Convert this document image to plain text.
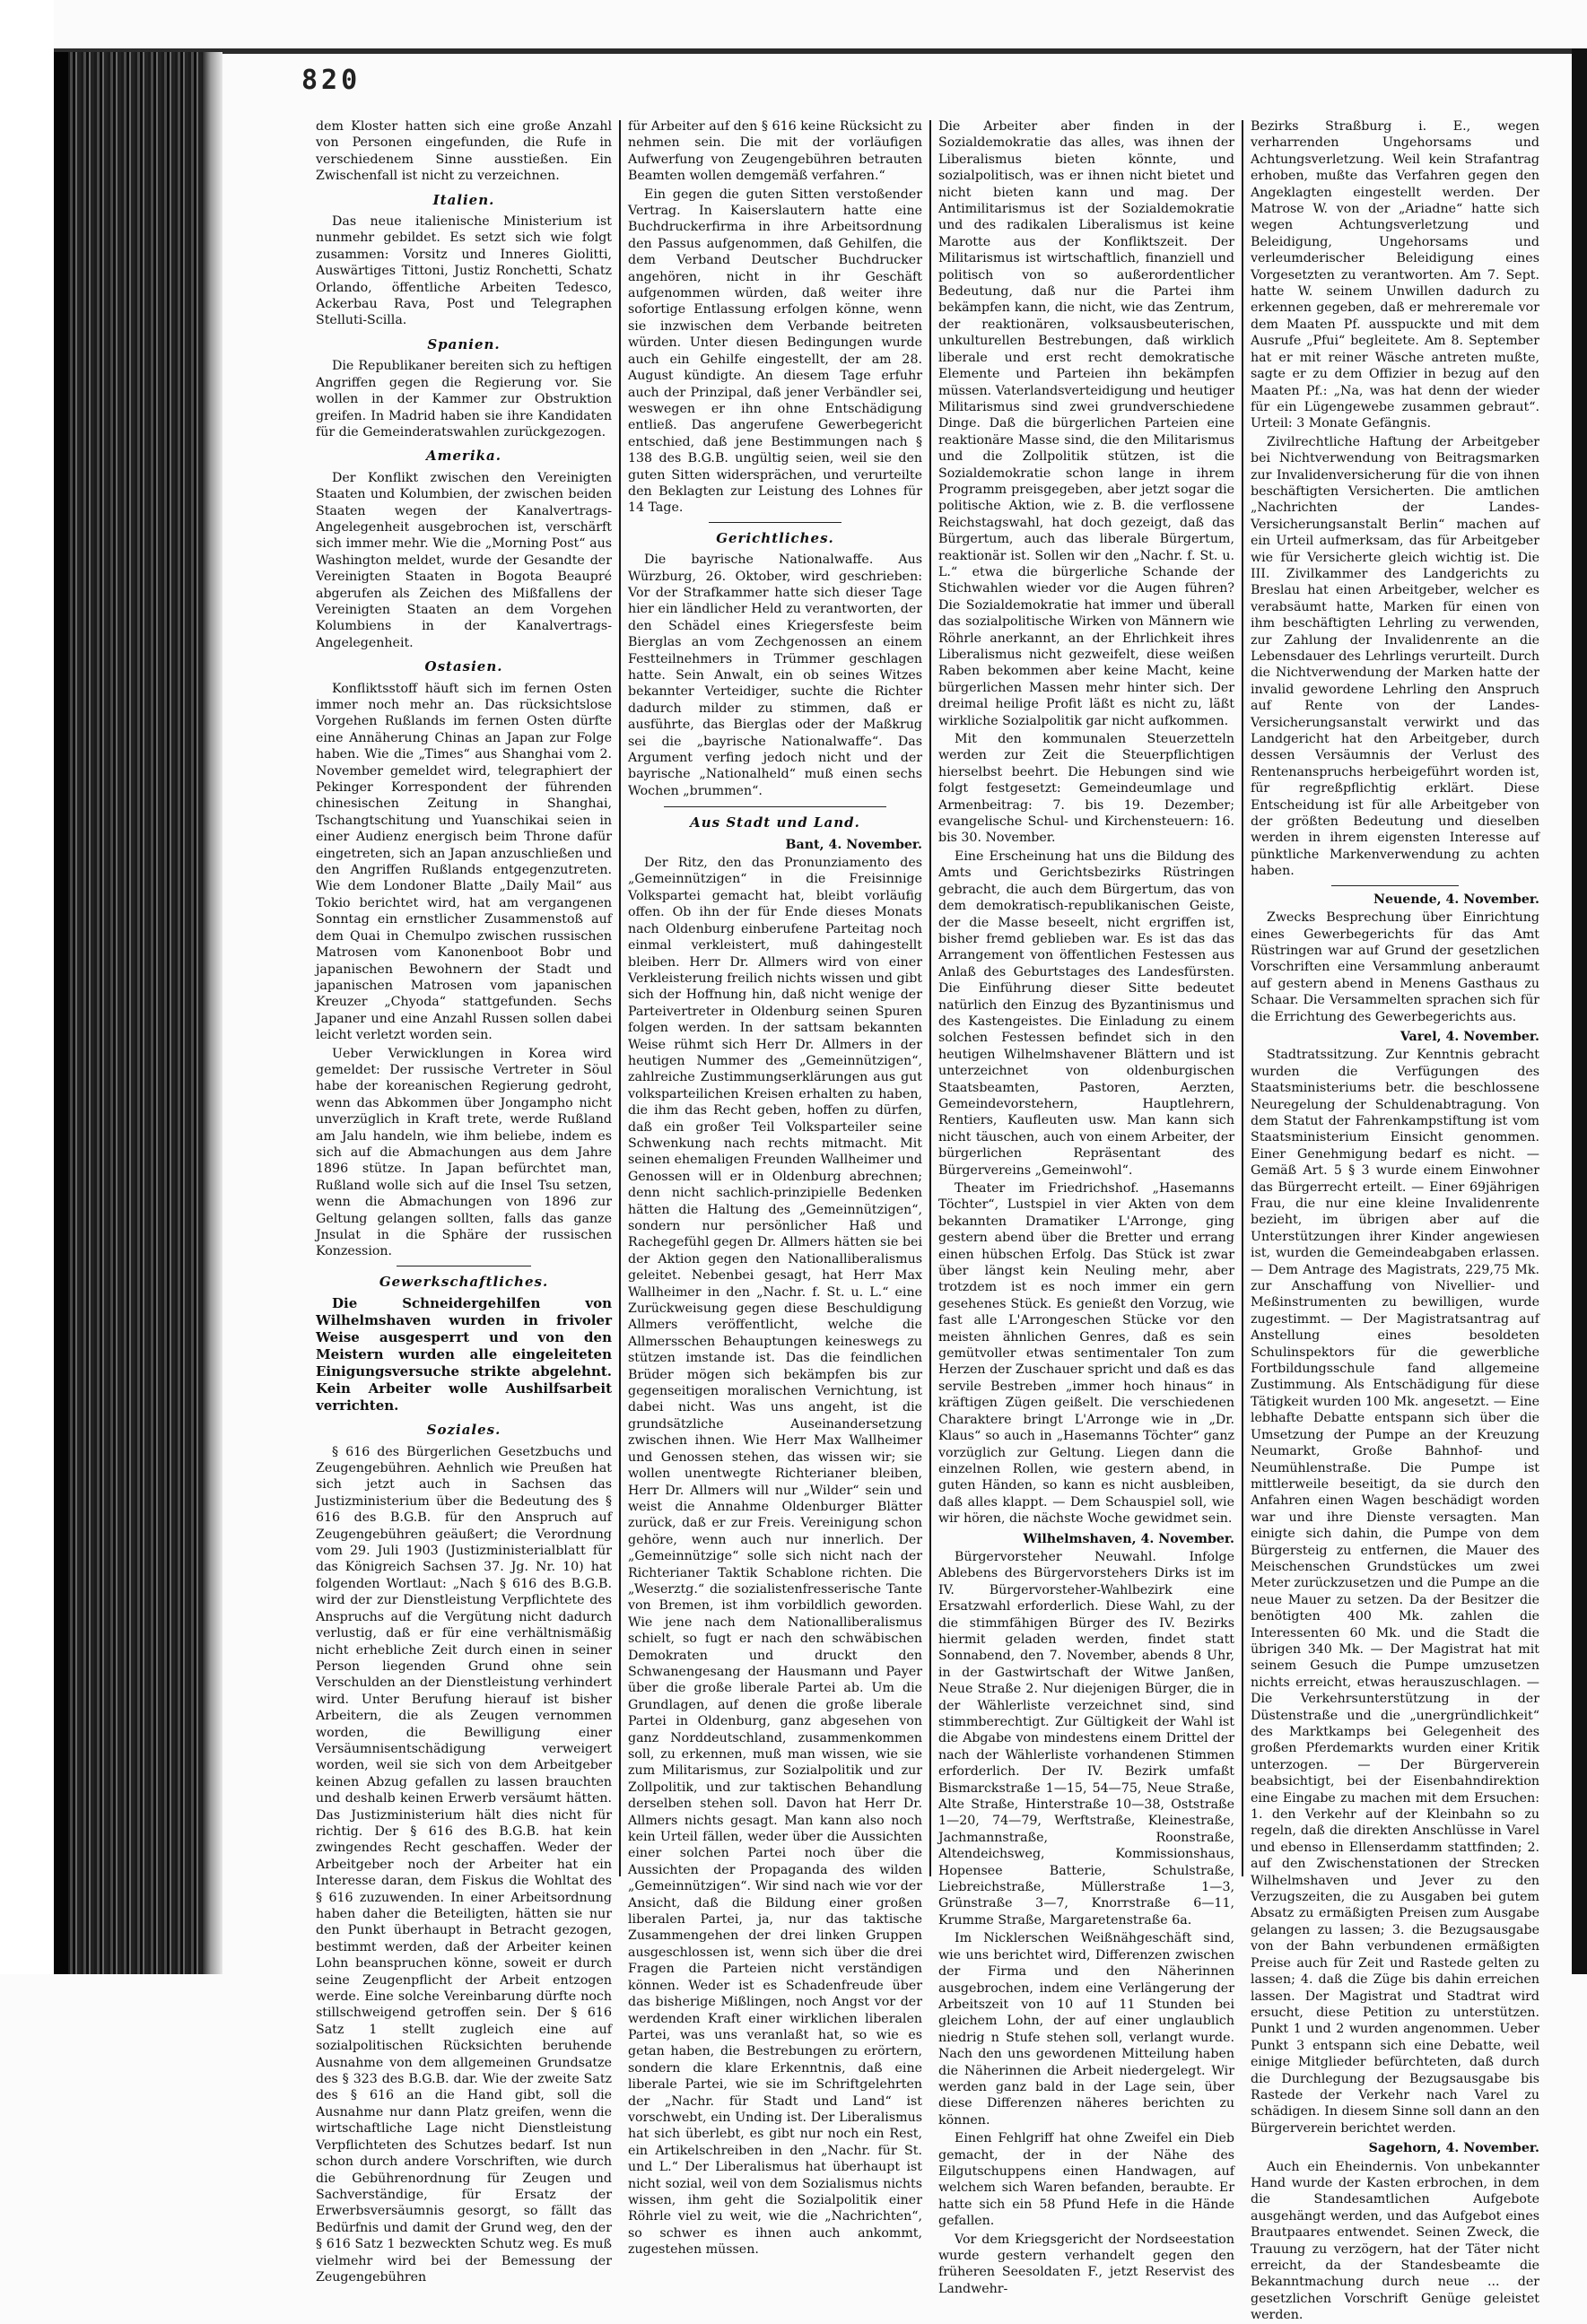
820

dem Kloster hatten sich eine große Anzahl von Personen eingefunden, die Rufe in verschiedenem Sinne ausstießen. Ein Zwischenfall ist nicht zu verzeichnen.

Italien.

Das neue italienische Ministerium ist nunmehr gebildet. Es setzt sich wie folgt zusammen: Vorsitz und Inneres Giolitti, Auswärtiges Tittoni, Justiz Ronchetti, Schatz Orlando, öffentliche Arbeiten Tedesco, Ackerbau Rava, Post und Telegraphen Stelluti-Scilla.

Spanien.

Die Republikaner bereiten sich zu heftigen Angriffen gegen die Regierung vor. Sie wollen in der Kammer zur Obstruktion greifen. In Madrid haben sie ihre Kandidaten für die Gemeinderatswahlen zurückgezogen.

Amerika.

Der Konflikt zwischen den Vereinigten Staaten und Kolumbien, der zwischen beiden Staaten wegen der Kanalvertrags-Angelegenheit ausgebrochen ist, verschärft sich immer mehr. Wie die „Morning Post“ aus Washington meldet, wurde der Gesandte der Vereinigten Staaten in Bogota Beaupré abgerufen als Zeichen des Mißfallens der Vereinigten Staaten an dem Vorgehen Kolumbiens in der Kanalvertrags-Angelegenheit.

Ostasien.

Konfliktsstoff häuft sich im fernen Osten immer noch mehr an. Das rücksichtslose Vorgehen Rußlands im fernen Osten dürfte eine Annäherung Chinas an Japan zur Folge haben. Wie die „Times“ aus Shanghai vom 2. November gemeldet wird, telegraphiert der Pekinger Korrespondent der führenden chinesischen Zeitung in Shanghai, Tschangtschitung und Yuanschikai seien in einer Audienz energisch beim Throne dafür eingetreten, sich an Japan anzuschließen und den Angriffen Rußlands entgegenzutreten. Wie dem Londoner Blatte „Daily Mail“ aus Tokio berichtet wird, hat am vergangenen Sonntag ein ernstlicher Zusammenstoß auf dem Quai in Chemulpo zwischen russischen Matrosen vom Kanonenboot Bobr und japanischen Bewohnern der Stadt und japanischen Matrosen vom japanischen Kreuzer „Chyoda“ stattgefunden. Sechs Japaner und eine Anzahl Russen sollen dabei leicht verletzt worden sein.

Ueber Verwicklungen in Korea wird gemeldet: Der russische Vertreter in Söul habe der koreanischen Regierung gedroht, wenn das Abkommen über Jongampho nicht unverzüglich in Kraft trete, werde Rußland am Jalu handeln, wie ihm beliebe, indem es sich auf die Abmachungen aus dem Jahre 1896 stütze. In Japan befürchtet man, Rußland wolle sich auf die Insel Tsu setzen, wenn die Abmachungen von 1896 zur Geltung gelangen sollten, falls das ganze Jnsulat in die Sphäre der russischen Konzession.

Gewerkschaftliches.

Die Schneidergehilfen von Wilhelmshaven wurden in frivoler Weise ausgesperrt und von den Meistern wurden alle eingeleiteten Einigungsversuche strikte abgelehnt. Kein Arbeiter wolle Aushilfsarbeit verrichten.

Soziales.

§ 616 des Bürgerlichen Gesetzbuchs und Zeugengebühren. Aehnlich wie Preußen hat sich jetzt auch in Sachsen das Justizministerium über die Bedeutung des § 616 des B.G.B. für den Anspruch auf Zeugengebühren geäußert; die Verordnung vom 29. Juli 1903 (Justizministerialblatt für das Königreich Sachsen 37. Jg. Nr. 10) hat folgenden Wortlaut: „Nach § 616 des B.G.B. wird der zur Dienstleistung Verpflichtete des Anspruchs auf die Vergütung nicht dadurch verlustig, daß er für eine verhältnismäßig nicht erhebliche Zeit durch einen in seiner Person liegenden Grund ohne sein Verschulden an der Dienstleistung verhindert wird. Unter Berufung hierauf ist bisher Arbeitern, die als Zeugen vernommen worden, die Bewilligung einer Versäumnisentschädigung verweigert worden, weil sie sich von dem Arbeitgeber keinen Abzug gefallen zu lassen brauchten und deshalb keinen Erwerb versäumt hätten. Das Justizministerium hält dies nicht für richtig. Der § 616 des B.G.B. hat kein zwingendes Recht geschaffen. Weder der Arbeitgeber noch der Arbeiter hat ein Interesse daran, dem Fiskus die Wohltat des § 616 zuzuwenden. In einer Arbeitsordnung haben daher die Beteiligten, hätten sie nur den Punkt überhaupt in Betracht gezogen, bestimmt werden, daß der Arbeiter keinen Lohn beanspruchen könne, soweit er durch seine Zeugenpflicht der Arbeit entzogen werde. Eine solche Vereinbarung dürfte noch stillschweigend getroffen sein. Der § 616 Satz 1 stellt zugleich eine auf sozialpolitischen Rücksichten beruhende Ausnahme von dem allgemeinen Grundsatze des § 323 des B.G.B. dar. Wie der zweite Satz des § 616 an die Hand gibt, soll die Ausnahme nur dann Platz greifen, wenn die wirtschaftliche Lage nicht Dienstleistung Verpflichteten des Schutzes bedarf. Ist nun schon durch andere Vorschriften, wie durch die Gebührenordnung für Zeugen und Sachverständige, für Ersatz der Erwerbsversäumnis gesorgt, so fällt das Bedürfnis und damit der Grund weg, den der § 616 Satz 1 bezweckten Schutz weg. Es muß vielmehr wird bei der Bemessung der Zeugengebühren

für Arbeiter auf den § 616 keine Rücksicht zu nehmen sein. Die mit der vorläufigen Aufwerfung von Zeugengebühren betrauten Beamten wollen demgemäß verfahren.“

Ein gegen die guten Sitten verstoßender Vertrag. In Kaiserslautern hatte eine Buchdruckerfirma in ihre Arbeitsordnung den Passus aufgenommen, daß Gehilfen, die dem Verband Deutscher Buchdrucker angehören, nicht in ihr Geschäft aufgenommen würden, daß weiter ihre sofortige Entlassung erfolgen könne, wenn sie inzwischen dem Verbande beitreten würden. Unter diesen Bedingungen wurde auch ein Gehilfe eingestellt, der am 28. August kündigte. An diesem Tage erfuhr auch der Prinzipal, daß jener Verbändler sei, weswegen er ihn ohne Entschädigung entließ. Das angerufene Gewerbegericht entschied, daß jene Bestimmungen nach § 138 des B.G.B. ungültig seien, weil sie den guten Sitten widersprächen, und verurteilte den Beklagten zur Leistung des Lohnes für 14 Tage.

Gerichtliches.

Die bayrische Nationalwaffe. Aus Würzburg, 26. Oktober, wird geschrieben: Vor der Strafkammer hatte sich dieser Tage hier ein ländlicher Held zu verantworten, der den Schädel eines Kriegersfeste beim Bierglas an vom Zechgenossen an einem Festteilnehmers in Trümmer geschlagen hatte. Sein Anwalt, ein ob seines Witzes bekannter Verteidiger, suchte die Richter dadurch milder zu stimmen, daß er ausführte, das Bierglas oder der Maßkrug sei die „bayrische Nationalwaffe“. Das Argument verfing jedoch nicht und der bayrische „Nationalheld“ muß einen sechs Wochen „brummen“.

Aus Stadt und Land.
Bant, 4. November.

Der Ritz, den das Pronunziamento des „Gemeinnützigen“ in die Freisinnige Volkspartei gemacht hat, bleibt vorläufig offen. Ob ihn der für Ende dieses Monats nach Oldenburg einberufene Parteitag noch einmal verkleistert, muß dahingestellt bleiben. Herr Dr. Allmers wird von einer Verkleisterung freilich nichts wissen und gibt sich der Hoffnung hin, daß nicht wenige der Parteivertreter in Oldenburg seinen Spuren folgen werden. In der sattsam bekannten Weise rühmt sich Herr Dr. Allmers in der heutigen Nummer des „Gemeinnützigen“, zahlreiche Zustimmungserklärungen aus gut volksparteilichen Kreisen erhalten zu haben, die ihm das Recht geben, hoffen zu dürfen, daß ein großer Teil Volksparteiler seine Schwenkung nach rechts mitmacht. Mit seinen ehemaligen Freunden Wallheimer und Genossen will er in Oldenburg abrechnen; denn nicht sachlich-prinzipielle Bedenken hätten die Haltung des „Gemeinnützigen“, sondern nur persönlicher Haß und Rachegefühl gegen Dr. Allmers hätten sie bei der Aktion gegen den Nationalliberalismus geleitet. Nebenbei gesagt, hat Herr Max Wallheimer in den „Nachr. f. St. u. L.“ eine Zurückweisung gegen diese Beschuldigung Allmers veröffentlicht, welche die Allmersschen Behauptungen keineswegs zu stützen imstande ist. Das die feindlichen Brüder mögen sich bekämpfen bis zur gegenseitigen moralischen Vernichtung, ist dabei nicht. Was uns angeht, ist die grundsätzliche Auseinandersetzung zwischen ihnen. Wie Herr Max Wallheimer und Genossen stehen, das wissen wir; sie wollen unentwegte Richterianer bleiben, Herr Dr. Allmers will nur „Wilder“ sein und weist die Annahme Oldenburger Blätter zurück, daß er zur Freis. Vereinigung schon gehöre, wenn auch nur innerlich. Der „Gemeinnützige“ solle sich nicht nach der Richterianer Taktik Schablone richten. Die „Weserztg.“ die sozialistenfresserische Tante von Bremen, ist ihm vorbildlich geworden. Wie jene nach dem Nationalliberalismus schielt, so fugt er nach den schwäbischen Demokraten und druckt den Schwanengesang der Hausmann und Payer über die große liberale Partei ab. Um die Grundlagen, auf denen die große liberale Partei in Oldenburg, ganz abgesehen von ganz Norddeutschland, zusammenkommen soll, zu erkennen, muß man wissen, wie sie zum Militarismus, zur Sozialpolitik und zur Zollpolitik, und zur taktischen Behandlung derselben stehen soll. Davon hat Herr Dr. Allmers nichts gesagt. Man kann also noch kein Urteil fällen, weder über die Aussichten einer solchen Partei noch über die Aussichten der Propaganda des wilden „Gemeinnützigen“. Wir sind nach wie vor der Ansicht, daß die Bildung einer großen liberalen Partei, ja, nur das taktische Zusammengehen der drei linken Gruppen ausgeschlossen ist, wenn sich über die drei Fragen die Parteien nicht verständigen können. Weder ist es Schadenfreude über das bisherige Mißlingen, noch Angst vor der werdenden Kraft einer wirklichen liberalen Partei, was uns veranlaßt hat, so wie es getan haben, die Bestrebungen zu erörtern, sondern die klare Erkenntnis, daß eine liberale Partei, wie sie im Schriftgelehrten der „Nachr. für Stadt und Land“ ist vorschwebt, ein Unding ist. Der Liberalismus hat sich überlebt, es gibt nur noch ein Rest, ein Artikelschreiben in den „Nachr. für St. und L.“ Der Liberalismus hat überhaupt ist nicht sozial, weil von dem Sozialismus nichts wissen, ihm geht die Sozialpolitik einer Röhrle viel zu weit, wie die „Nachrichten“, so schwer es ihnen auch ankommt, zugestehen müssen.

Die Arbeiter aber finden in der Sozialdemokratie das alles, was ihnen der Liberalismus bieten könnte, und sozialpolitisch, was er ihnen nicht bietet und nicht bieten kann und mag. Der Antimilitarismus ist der Sozialdemokratie und des radikalen Liberalismus ist keine Marotte aus der Konfliktszeit. Der Militarismus ist wirtschaftlich, finanziell und politisch von so außerordentlicher Bedeutung, daß nur die Partei ihm bekämpfen kann, die nicht, wie das Zentrum, der reaktionären, volksausbeuterischen, unkulturellen Bestrebungen, daß wirklich liberale und erst recht demokratische Elemente und Parteien ihn bekämpfen müssen. Vaterlandsverteidigung und heutiger Militarismus sind zwei grundverschiedene Dinge. Daß die bürgerlichen Parteien eine reaktionäre Masse sind, die den Militarismus und die Zollpolitik stützen, ist die Sozialdemokratie schon lange in ihrem Programm preisgegeben, aber jetzt sogar die politische Aktion, wie z. B. die verflossene Reichstagswahl, hat doch gezeigt, daß das Bürgertum, auch das liberale Bürgertum, reaktionär ist. Sollen wir den „Nachr. f. St. u. L.“ etwa die bürgerliche Schande der Stichwahlen wieder vor die Augen führen? Die Sozialdemokratie hat immer und überall das sozialpolitische Wirken von Männern wie Röhrle anerkannt, an der Ehrlichkeit ihres Liberalismus nicht gezweifelt, diese weißen Raben bekommen aber keine Macht, keine bürgerlichen Massen mehr hinter sich. Der dreimal heilige Profit läßt es nicht zu, läßt wirkliche Sozialpolitik gar nicht aufkommen.

Mit den kommunalen Steuerzetteln werden zur Zeit die Steuerpflichtigen hierselbst beehrt. Die Hebungen sind wie folgt festgesetzt: Gemeindeumlage und Armenbeitrag: 7. bis 19. Dezember; evangelische Schul- und Kirchensteuern: 16. bis 30. November.

Eine Erscheinung hat uns die Bildung des Amts und Gerichtsbezirks Rüstringen gebracht, die auch dem Bürgertum, das von dem demokratisch-republikanischen Geiste, der die Masse beseelt, nicht ergriffen ist, bisher fremd geblieben war. Es ist das das Arrangement von öffentlichen Festessen aus Anlaß des Geburtstages des Landesfürsten. Die Einführung dieser Sitte bedeutet natürlich den Einzug des Byzantinismus und des Kastengeistes. Die Einladung zu einem solchen Festessen befindet sich in den heutigen Wilhelmshavener Blättern und ist unterzeichnet von oldenburgischen Staatsbeamten, Pastoren, Aerzten, Gemeindevorstehern, Hauptlehrern, Rentiers, Kaufleuten usw. Man kann sich nicht täuschen, auch von einem Arbeiter, der bürgerlichen Repräsentant des Bürgervereins „Gemeinwohl“.

Theater im Friedrichshof. „Hasemanns Töchter“, Lustspiel in vier Akten von dem bekannten Dramatiker L'Arronge, ging gestern abend über die Bretter und errang einen hübschen Erfolg. Das Stück ist zwar über längst kein Neuling mehr, aber trotzdem ist es noch immer ein gern gesehenes Stück. Es genießt den Vorzug, wie fast alle L'Arrongeschen Stücke vor den meisten ähnlichen Genres, daß es sein gemütvoller etwas sentimentaler Ton zum Herzen der Zuschauer spricht und daß es das servile Bestreben „immer hoch hinaus“ in kräftigen Zügen geißelt. Die verschiedenen Charaktere bringt L'Arronge wie in „Dr. Klaus“ so auch in „Hasemanns Töchter“ ganz vorzüglich zur Geltung. Liegen dann die einzelnen Rollen, wie gestern abend, in guten Händen, so kann es nicht ausbleiben, daß alles klappt. — Dem Schauspiel soll, wie wir hören, die nächste Woche gewidmet sein.

Wilhelmshaven, 4. November.

Bürgervorsteher Neuwahl. Infolge Ablebens des Bürgervorstehers Dirks ist im IV. Bürgervorsteher-Wahlbezirk eine Ersatzwahl erforderlich. Diese Wahl, zu der die stimmfähigen Bürger des IV. Bezirks hiermit geladen werden, findet statt Sonnabend, den 7. November, abends 8 Uhr, in der Gastwirtschaft der Witwe Janßen, Neue Straße 2. Nur diejenigen Bürger, die in der Wählerliste verzeichnet sind, sind stimmberechtigt. Zur Gültigkeit der Wahl ist die Abgabe von mindestens einem Drittel der nach der Wählerliste vorhandenen Stimmen erforderlich. Der IV. Bezirk umfaßt Bismarckstraße 1—15, 54—75, Neue Straße, Alte Straße, Hinterstraße 10—38, Oststraße 1—20, 74—79, Werftstraße, Kleinestraße, Jachmannstraße, Roonstraße, Altendeichsweg, Kommissionshaus, Hopensee Batterie, Schulstraße, Liebreichstraße, Müllerstraße 1—3, Grünstraße 3—7, Knorrstraße 6—11, Krumme Straße, Margaretenstraße 6a.

Im Nicklerschen Weißnähgeschäft sind, wie uns berichtet wird, Differenzen zwischen der Firma und den Näherinnen ausgebrochen, indem eine Verlängerung der Arbeitszeit von 10 auf 11 Stunden bei gleichem Lohn, der auf einer unglaublich niedrig n Stufe stehen soll, verlangt wurde. Nach den uns gewordenen Mitteilung haben die Näherinnen die Arbeit niedergelegt. Wir werden ganz bald in der Lage sein, über diese Differenzen näheres berichten zu können.

Einen Fehlgriff hat ohne Zweifel ein Dieb gemacht, der in der Nähe des Eilgutschuppens einen Handwagen, auf welchem sich Waren befanden, beraubte. Er hatte sich ein 58 Pfund Hefe in die Hände gefallen.

Vor dem Kriegsgericht der Nordseestation wurde gestern verhandelt gegen den früheren Seesoldaten F., jetzt Reservist des Landwehr-

Bezirks Straßburg i. E., wegen verharrenden Ungehorsams und Achtungsverletzung. Weil kein Strafantrag erhoben, mußte das Verfahren gegen den Angeklagten eingestellt werden. Der Matrose W. von der „Ariadne“ hatte sich wegen Achtungsverletzung und Beleidigung, Ungehorsams und verleumderischer Beleidigung eines Vorgesetzten zu verantworten. Am 7. Sept. hatte W. seinem Unwillen dadurch zu erkennen gegeben, daß er mehreremale vor dem Maaten Pf. ausspuckte und mit dem Ausrufe „Pfui“ begleitete. Am 8. September hat er mit reiner Wäsche antreten mußte, sagte er zu dem Offizier in bezug auf den Maaten Pf.: „Na, was hat denn der wieder für ein Lügengewebe zusammen gebraut“. Urteil: 3 Monate Gefängnis.

Zivilrechtliche Haftung der Arbeitgeber bei Nichtverwendung von Beitragsmarken zur Invalidenversicherung für die von ihnen beschäftigten Versicherten. Die amtlichen „Nachrichten der Landes-Versicherungsanstalt Berlin“ machen auf ein Urteil aufmerksam, das für Arbeitgeber wie für Versicherte gleich wichtig ist. Die III. Zivilkammer des Landgerichts zu Breslau hat einen Arbeitgeber, welcher es verabsäumt hatte, Marken für einen von ihm beschäftigten Lehrling zu verwenden, zur Zahlung der Invalidenrente an die Lebensdauer des Lehrlings verurteilt. Durch die Nichtverwendung der Marken hatte der invalid gewordene Lehrling den Anspruch auf Rente von der Landes-Versicherungsanstalt verwirkt und das Landgericht hat den Arbeitgeber, durch dessen Versäumnis der Verlust des Rentenanspruchs herbeigeführt worden ist, für regreßpflichtig erklärt. Diese Entscheidung ist für alle Arbeitgeber von der größten Bedeutung und dieselben werden in ihrem eigensten Interesse auf pünktliche Markenverwendung zu achten haben.

Neuende, 4. November.

Zwecks Besprechung über Einrichtung eines Gewerbegerichts für das Amt Rüstringen war auf Grund der gesetzlichen Vorschriften eine Versammlung anberaumt auf gestern abend in Menens Gasthaus zu Schaar. Die Versammelten sprachen sich für die Errichtung des Gewerbegerichts aus.

Varel, 4. November.

Stadtratssitzung. Zur Kenntnis gebracht wurden die Verfügungen des Staatsministeriums betr. die beschlossene Neuregelung der Schuldenabtragung. Von dem Statut der Fahrenkampstiftung ist vom Staatsministerium Einsicht genommen. Einer Genehmigung bedarf es nicht. — Gemäß Art. 5 § 3 wurde einem Einwohner das Bürgerrecht erteilt. — Einer 69jährigen Frau, die nur eine kleine Invalidenrente bezieht, im übrigen aber auf die Unterstützungen ihrer Kinder angewiesen ist, wurden die Gemeindeabgaben erlassen. — Dem Antrage des Magistrats, 229,75 Mk. zur Anschaffung von Nivellier- und Meßinstrumenten zu bewilligen, wurde zugestimmt. — Der Magistratsantrag auf Anstellung eines besoldeten Schulinspektors für die gewerbliche Fortbildungsschule fand allgemeine Zustimmung. Als Entschädigung für diese Tätigkeit wurden 100 Mk. angesetzt. — Eine lebhafte Debatte entspann sich über die Umsetzung der Pumpe an der Kreuzung Neumarkt, Große Bahnhof- und Neumühlenstraße. Die Pumpe ist mittlerweile beseitigt, da sie durch den Anfahren einen Wagen beschädigt worden war und ihre Dienste versagten. Man einigte sich dahin, die Pumpe von dem Bürgersteig zu entfernen, die Mauer des Meischenschen Grundstückes um zwei Meter zurückzusetzen und die Pumpe an die neue Mauer zu setzen. Da der Besitzer die benötigten 400 Mk. zahlen die Interessenten 60 Mk. und die Stadt die übrigen 340 Mk. — Der Magistrat hat mit seinem Gesuch die Pumpe umzusetzen nichts erreicht, etwas herauszuschlagen. — Die Verkehrsunterstützung in der Düstenstraße und die „unergründlichkeit“ des Marktkamps bei Gelegenheit des großen Pferdemarkts wurden einer Kritik unterzogen. — Der Bürgerverein beabsichtigt, bei der Eisenbahndirektion eine Eingabe zu machen mit dem Ersuchen: 1. den Verkehr auf der Kleinbahn so zu regeln, daß die direkten Anschlüsse in Varel und ebenso in Ellenserdamm stattfinden; 2. auf den Zwischenstationen der Strecken Wilhelmshaven und Jever zu den Verzugszeiten, die zu Ausgaben bei gutem Absatz zu ermäßigten Preisen zum Ausgabe gelangen zu lassen; 3. die Bezugsausgabe von der Bahn verbundenen ermäßigten Preise auch für Zeit und Rastede gelten zu lassen; 4. daß die Züge bis dahin erreichen lassen. Der Magistrat und Stadtrat wird ersucht, diese Petition zu unterstützen. Punkt 1 und 2 wurden angenommen. Ueber Punkt 3 entspann sich eine Debatte, weil einige Mitglieder befürchteten, daß durch die Durchlegung der Bezugsausgabe bis Rastede der Verkehr nach Varel zu schädigen. In diesem Sinne soll dann an den Bürgerverein berichtet werden.

Sagehorn, 4. November.

Auch ein Eheindernis. Von unbekannter Hand wurde der Kasten erbrochen, in dem die Standesamtlichen Aufgebote ausgehängt werden, und das Aufgebot eines Brautpaares entwendet. Seinen Zweck, die Trauung zu verzögern, hat der Täter nicht erreicht, da der Standesbeamte die Bekanntmachung durch neue ... der gesetzlichen Vorschrift Genüge geleistet werden.
